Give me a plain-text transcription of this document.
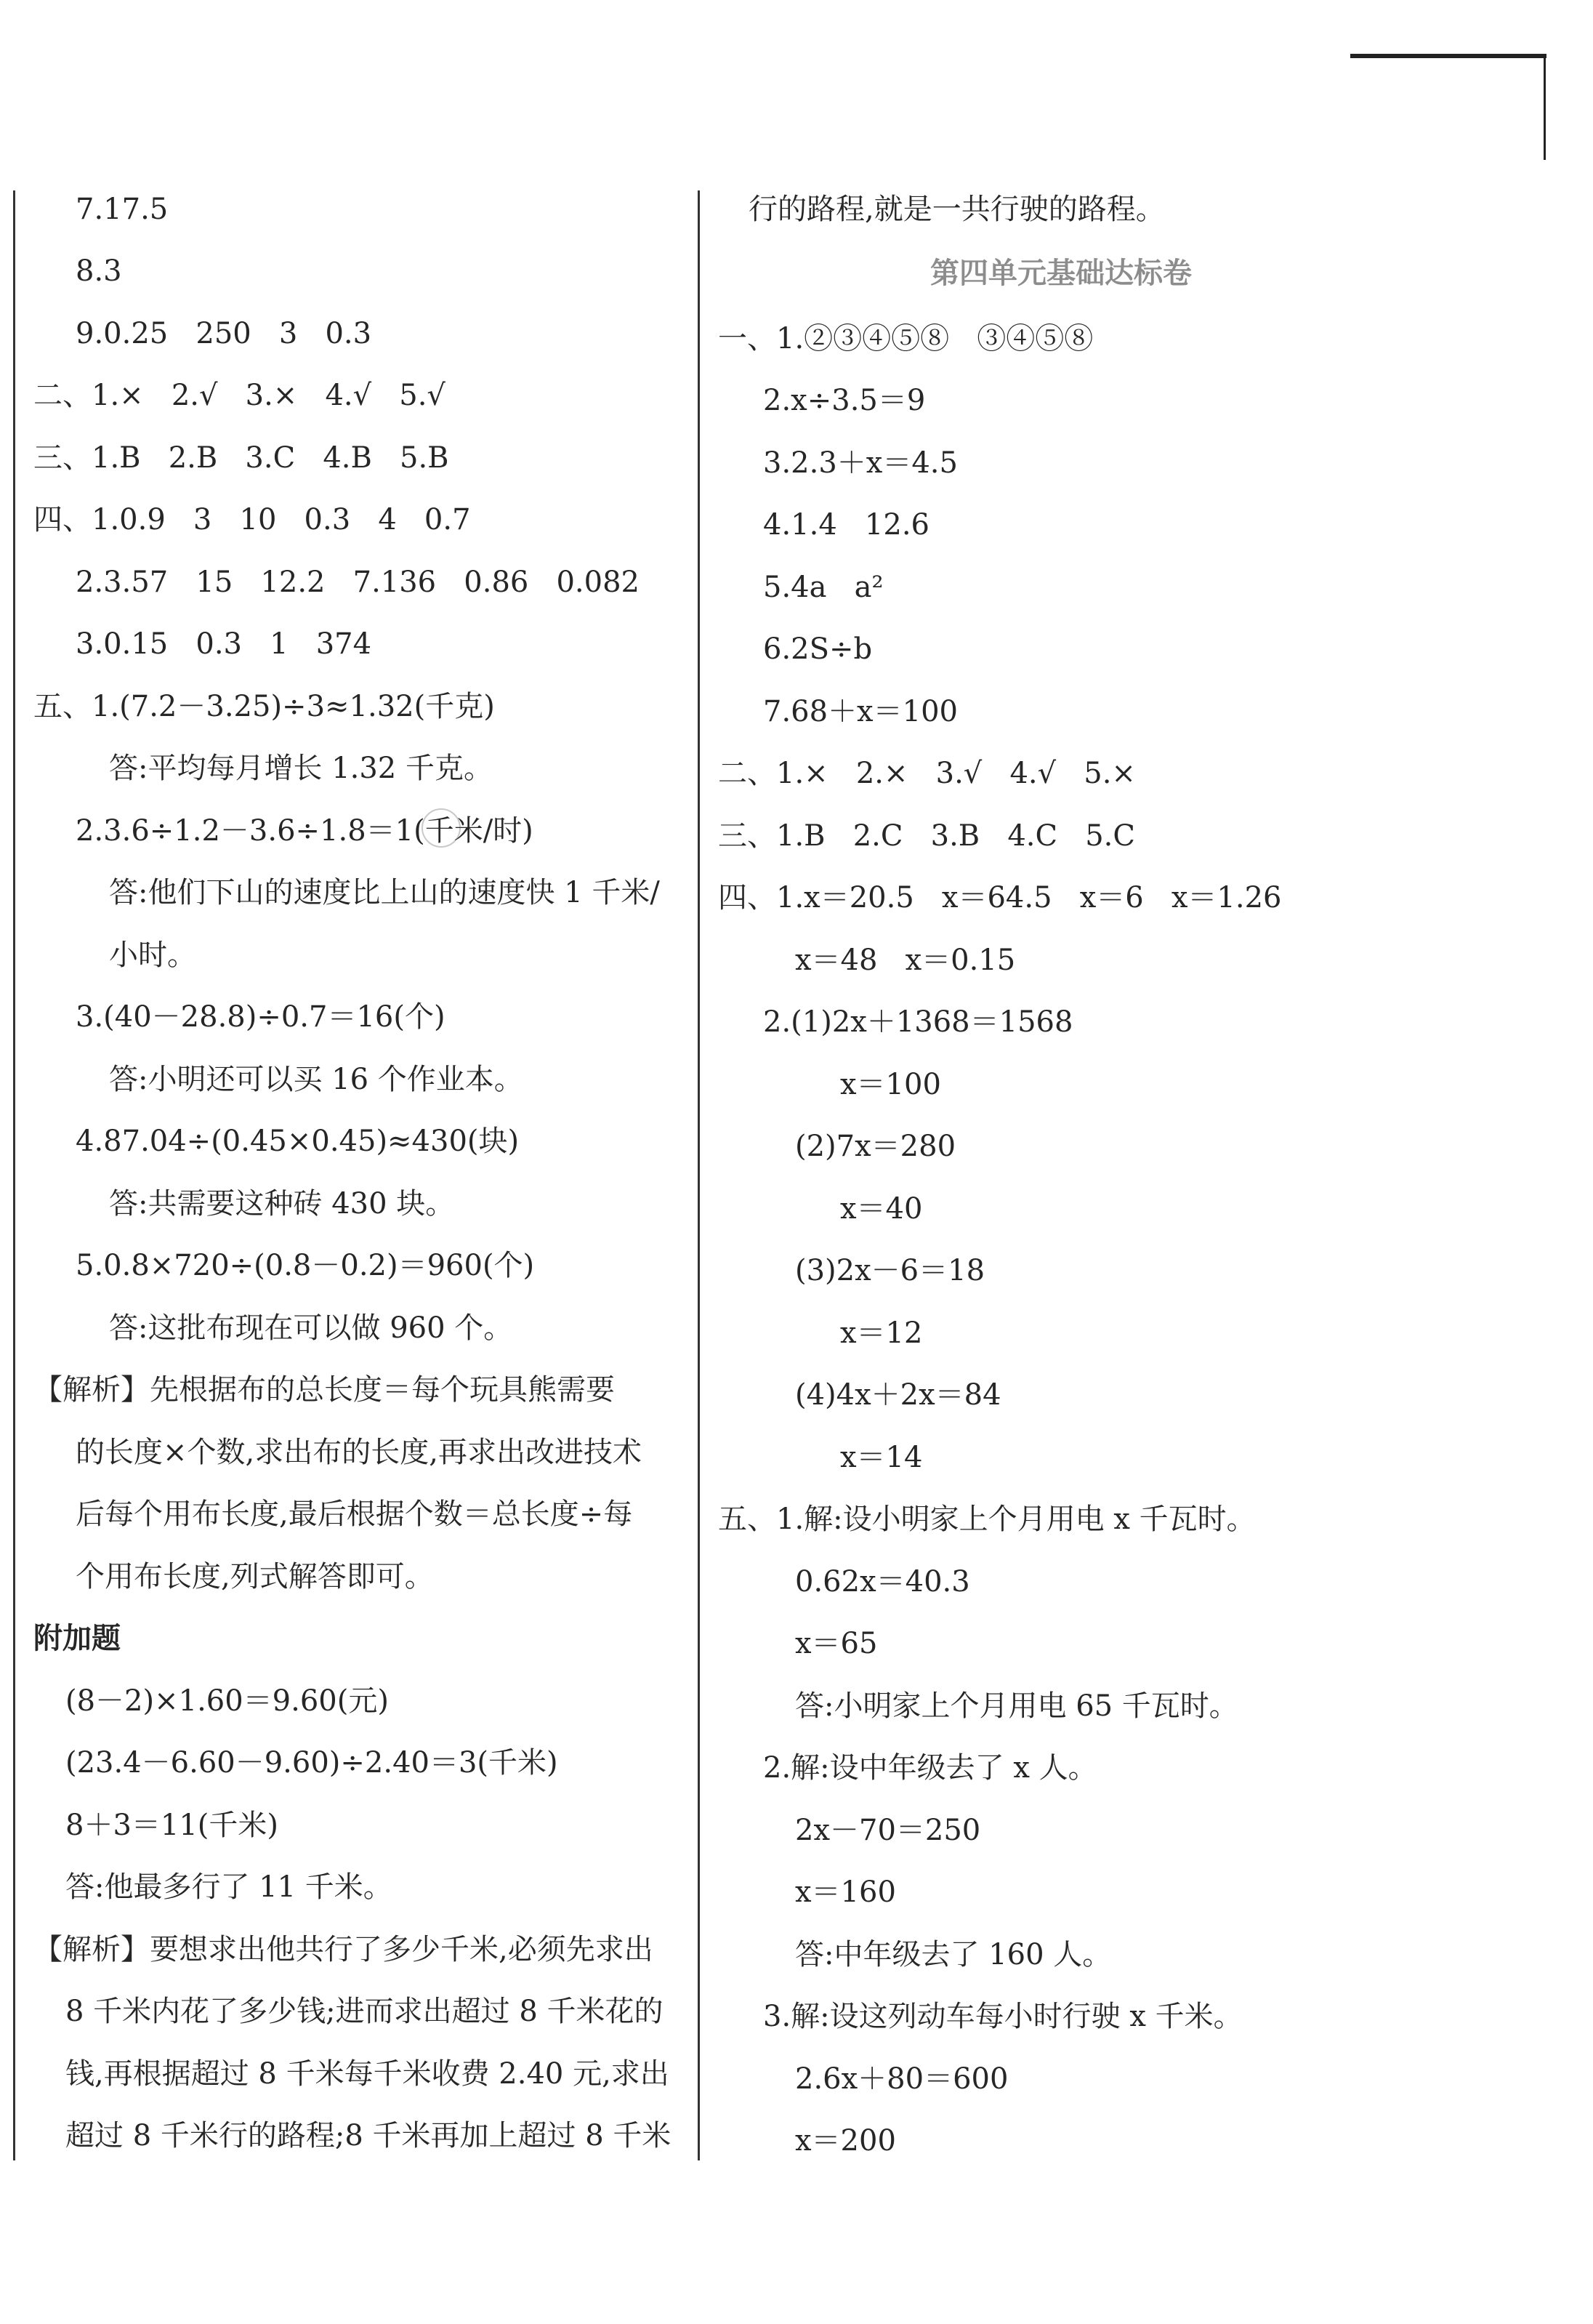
7.17.5
8.3
9.0.25   250   3   0.3
二、1.×   2.√   3.×   4.√   5.√
三、1.B   2.B   3.C   4.B   5.B
四、1.0.9   3   10   0.3   4   0.7
2.3.57   15   12.2   7.136   0.86   0.082
3.0.15   0.3   1   374
五、1.(7.2－3.25)÷3≈1.32(千克)
答:平均每月增长 1.32 千克。
2.3.6÷1.2－3.6÷1.8＝1(千米/时)
答:他们下山的速度比上山的速度快 1 千米/
小时。
3.(40－28.8)÷0.7＝16(个)
答:小明还可以买 16 个作业本。
4.87.04÷(0.45×0.45)≈430(块)
答:共需要这种砖 430 块。
5.0.8×720÷(0.8－0.2)＝960(个)
答:这批布现在可以做 960 个。
【解析】先根据布的总长度＝每个玩具熊需要
的长度×个数,求出布的长度,再求出改进技术
后每个用布长度,最后根据个数＝总长度÷每
个用布长度,列式解答即可。
附加题
(8－2)×1.60＝9.60(元)
(23.4－6.60－9.60)÷2.40＝3(千米)
8＋3＝11(千米)
答:他最多行了 11 千米。
【解析】要想求出他共行了多少千米,必须先求出
8 千米内花了多少钱;进而求出超过 8 千米花的
钱,再根据超过 8 千米每千米收费 2.40 元,求出
超过 8 千米行的路程;8 千米再加上超过 8 千米
行的路程,就是一共行驶的路程。
第四单元基础达标卷
一、1.②③④⑤⑧   ③④⑤⑧
2.x÷3.5＝9
3.2.3＋x＝4.5
4.1.4   12.6
5.4a   a²
6.2S÷b
7.68＋x＝100
二、1.×   2.×   3.√   4.√   5.×
三、1.B   2.C   3.B   4.C   5.C
四、1.x＝20.5   x＝64.5   x＝6   x＝1.26
x＝48   x＝0.15
2.(1)2x＋1368＝1568
x＝100
(2)7x＝280
x＝40
(3)2x－6＝18
x＝12
(4)4x＋2x＝84
x＝14
五、1.解:设小明家上个月用电 x 千瓦时。
0.62x＝40.3
x＝65
答:小明家上个月用电 65 千瓦时。
2.解:设中年级去了 x 人。
2x－70＝250
x＝160
答:中年级去了 160 人。
3.解:设这列动车每小时行驶 x 千米。
2.6x＋80＝600
x＝200
